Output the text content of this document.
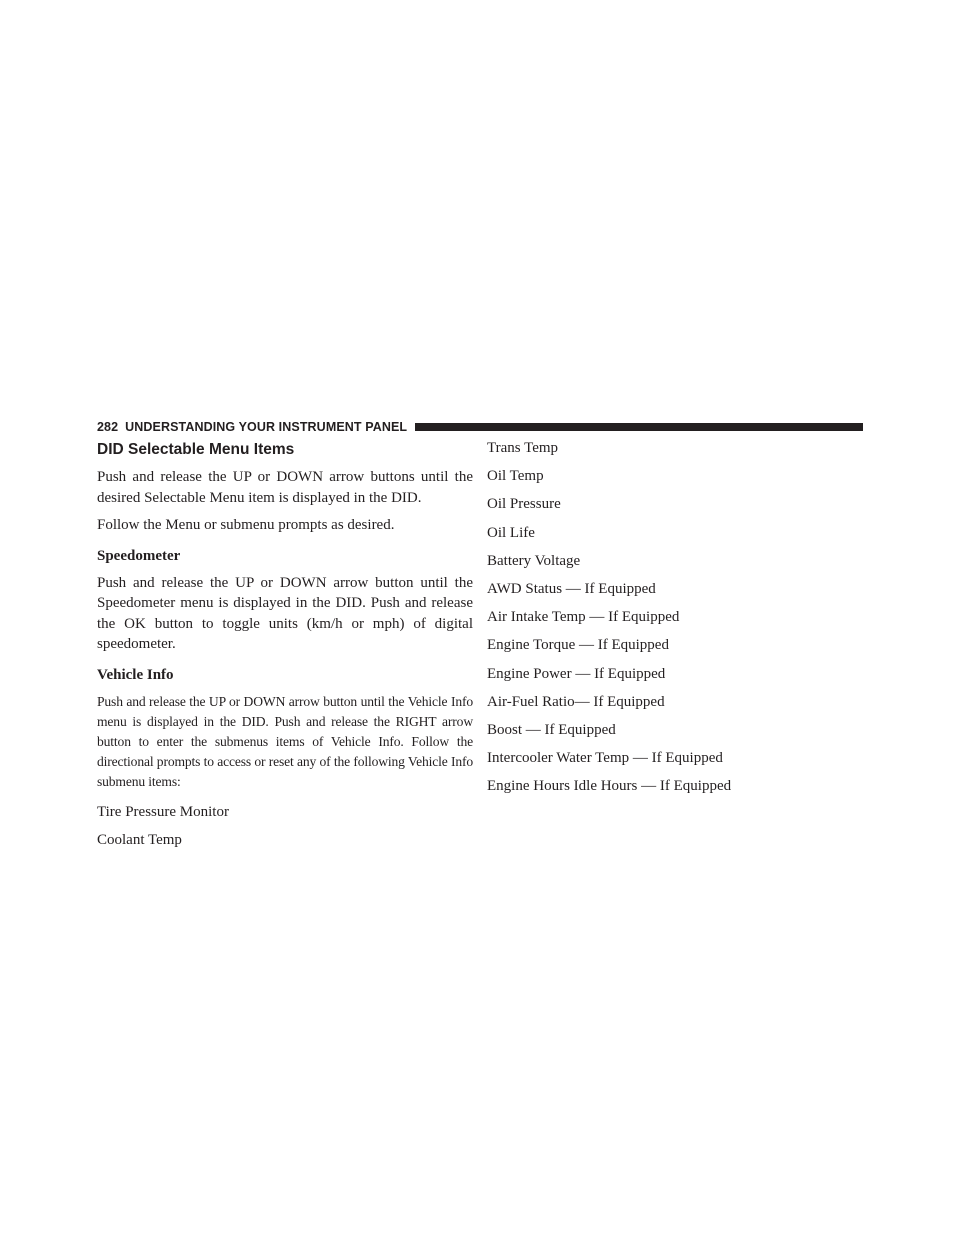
282 UNDERSTANDING YOUR INSTRUMENT PANEL
DID Selectable Menu Items

Push and release the UP or DOWN arrow buttons until the desired Selectable Menu item is displayed in the DID.

Follow the Menu or submenu prompts as desired.

Speedometer

Push and release the UP or DOWN arrow button until the Speedometer menu is displayed in the DID. Push and release the OK button to toggle units (km/h or mph) of digital speedometer.

Vehicle Info

Push and release the UP or DOWN arrow button until the Vehicle Info menu is displayed in the DID. Push and release the RIGHT arrow button to enter the submenus items of Vehicle Info. Follow the directional prompts to access or reset any of the following Vehicle Info submenu items:

Tire Pressure Monitor
Coolant Temp
Trans Temp
Oil Temp
Oil Pressure
Oil Life
Battery Voltage
AWD Status — If Equipped
Air Intake Temp — If Equipped
Engine Torque — If Equipped
Engine Power — If Equipped
Air-Fuel Ratio— If Equipped
Boost — If Equipped
Intercooler Water Temp — If Equipped
Engine Hours Idle Hours — If Equipped
